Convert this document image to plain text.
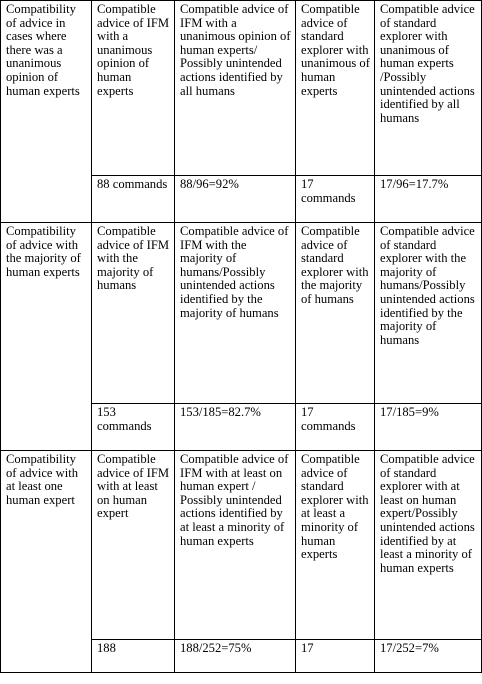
Compatibility of advice in cases where there was a unanimous opinion of human experts	Compatible advice of IFM with a unanimous opinion of human experts	Compatible advice of IFM with a unanimous opinion of human experts/ Possibly unintended actions identified by all humans	Compatible advice of standard explorer with unanimous of human experts	Compatible advice of standard explorer with unanimous of human experts /Possibly unintended actions identified by all humans
	88 commands	88/96=92%	17 commands	17/96=17.7%
Compatibility of advice with the majority of human experts	Compatible advice of IFM with the majority of humans	Compatible advice of IFM with the majority of humans/Possibly unintended actions identified by the majority of humans	Compatible advice of standard explorer with the majority of humans	Compatible advice of standard explorer with the majority of humans/Possibly unintended actions identified by the majority of humans
	153 commands	153/185=82.7%	17 commands	17/185=9%
Compatibility of advice with at least one human expert	Compatible advice of IFM with at least on human expert	Compatible advice of IFM with at least on human expert / Possibly unintended actions identified by at least a minority of human experts	Compatible advice of standard explorer with at least a minority of human experts	Compatible advice of standard explorer with at least on human expert/Possibly unintended actions identified by at least a minority of human experts
	188	188/252=75%	17	17/252=7%
